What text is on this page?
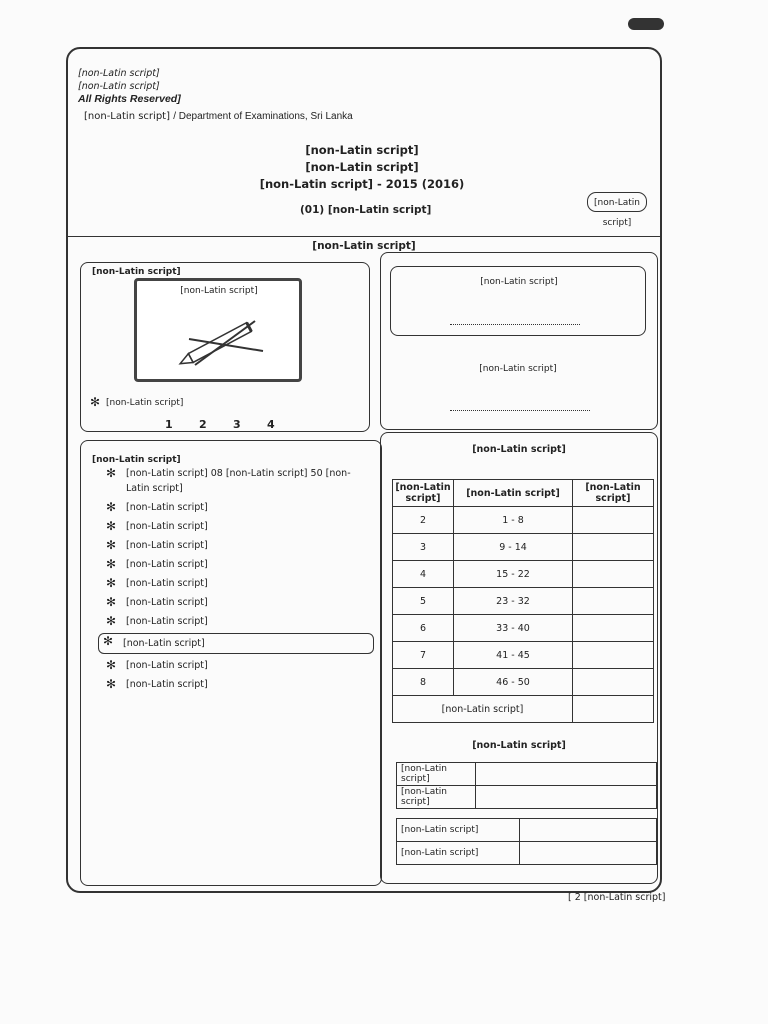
[non-Latin script]
[non-Latin script]
All Rights Reserved]
[non-Latin script] / Department of Examinations, Sri Lanka
[non-Latin script]
[non-Latin script]
[non-Latin script] - 2015 (2016)
(01) [non-Latin script]
[non-Latin script]
[non-Latin script]
[non-Latin script]
[non-Latin script]
✻ [non-Latin script]
1 2 3 4
[non-Latin script]
[non-Latin script]
[non-Latin script]
✻ [non-Latin script] 08 [non-Latin script] 50 [non-Latin script]
✻ [non-Latin script]
✻ [non-Latin script]
✻ [non-Latin script]
✻ [non-Latin script]
✻ [non-Latin script]
✻ [non-Latin script]
✻ [non-Latin script]
✻ [non-Latin script]
✻ [non-Latin script]
✻ [non-Latin script]
[non-Latin script]
[non-Latin script]	[non-Latin script]	[non-Latin script]
2	1 - 8	
3	9 - 14	
4	15 - 22	
5	23 - 32	
6	33 - 40	
7	41 - 45	
8	46 - 50	
[non-Latin script]		
[non-Latin script]
[non-Latin script]	
[non-Latin script]	
[non-Latin script]	
[non-Latin script]	
[ 2 [non-Latin script]
